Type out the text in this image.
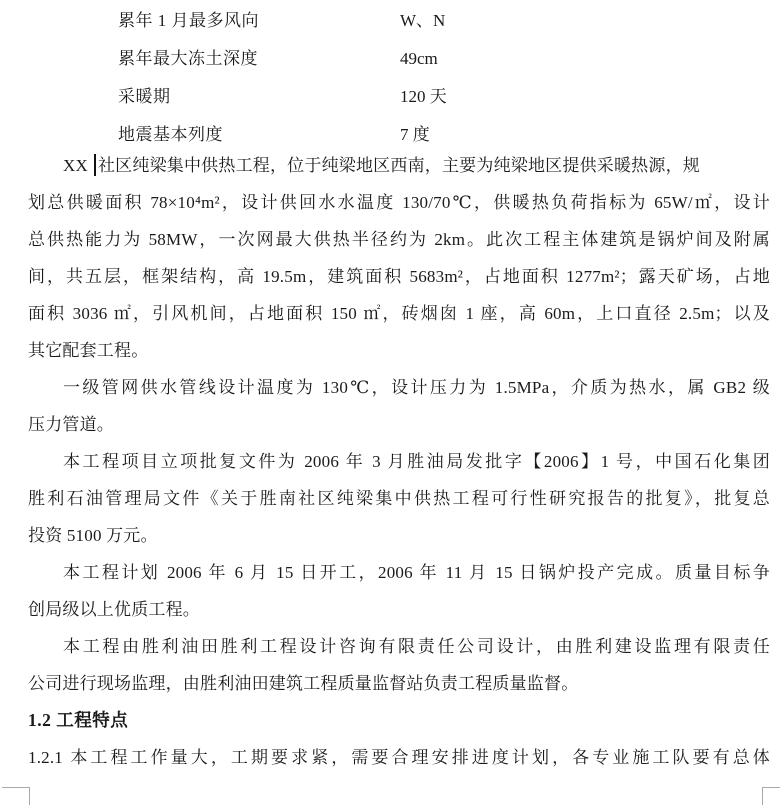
累年 1 月最多风向	W、N
累年最大冻土深度	49cm
采暖期	120 天
地震基本列度	7 度
XX 社区纯梁集中供热工程，位于纯梁地区西南，主要为纯梁地区提供采暖热源，规
划总供暖面积 78×10⁴m²，设计供回水水温度 130/70℃，供暖热负荷指标为 65W/㎡，设计
总供热能力为 58MW，一次网最大供热半径约为 2km。此次工程主体建筑是锅炉间及附属
间，共五层，框架结构，高 19.5m，建筑面积 5683m²，占地面积 1277m²；露天矿场，占地
面积 3036 ㎡，引风机间，占地面积 150 ㎡，砖烟囱 1 座，高 60m，上口直径 2.5m；以及
其它配套工程。
一级管网供水管线设计温度为 130℃，设计压力为 1.5MPa，介质为热水，属 GB2 级
压力管道。
本工程项目立项批复文件为 2006 年 3 月胜油局发批字【2006】1 号，中国石化集团
胜利石油管理局文件《关于胜南社区纯梁集中供热工程可行性研究报告的批复》，批复总
投资 5100 万元。
本工程计划 2006 年 6 月 15 日开工，2006 年 11 月 15 日锅炉投产完成。质量目标争
创局级以上优质工程。
本工程由胜利油田胜利工程设计咨询有限责任公司设计，由胜利建设监理有限责任
公司进行现场监理，由胜利油田建筑工程质量监督站负责工程质量监督。
1.2 工程特点
1.2.1 本工程工作量大，工期要求紧，需要合理安排进度计划，各专业施工队要有总体
